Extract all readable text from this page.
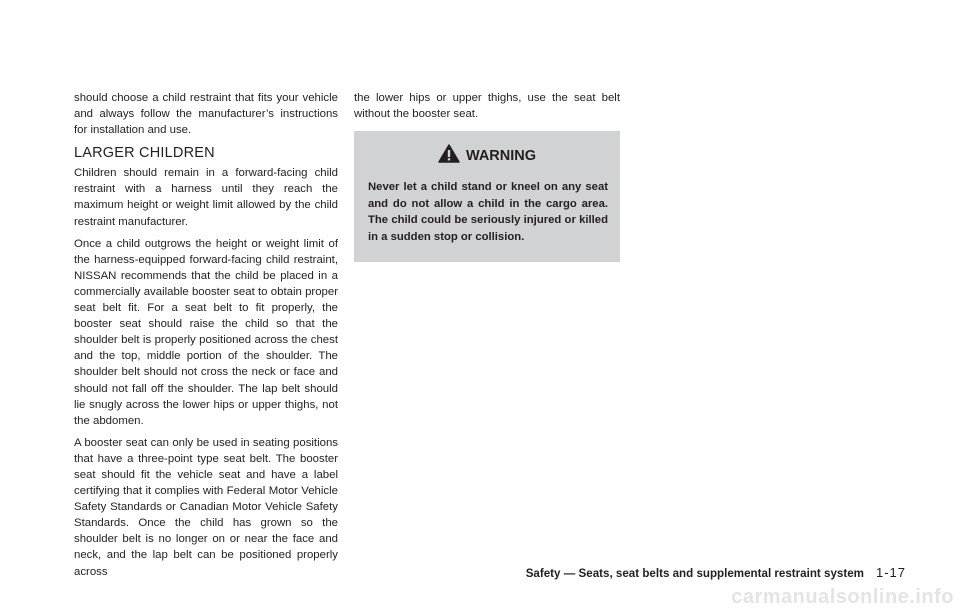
should choose a child restraint that fits your vehicle and always follow the manufacturer’s instructions for installation and use.

LARGER CHILDREN

Children should remain in a forward-facing child restraint with a harness until they reach the maximum height or weight limit allowed by the child restraint manufacturer.

Once a child outgrows the height or weight limit of the harness-equipped forward-facing child restraint, NISSAN recommends that the child be placed in a commercially available booster seat to obtain proper seat belt fit. For a seat belt to fit properly, the booster seat should raise the child so that the shoulder belt is properly positioned across the chest and the top, middle portion of the shoulder. The shoulder belt should not cross the neck or face and should not fall off the shoulder. The lap belt should lie snugly across the lower hips or upper thighs, not the abdomen.

A booster seat can only be used in seating positions that have a three-point type seat belt. The booster seat should fit the vehicle seat and have a label certifying that it complies with Federal Motor Vehicle Safety Standards or Canadian Motor Vehicle Safety Standards. Once the child has grown so the shoulder belt is no longer on or near the face and neck, and the lap belt can be positioned properly across

the lower hips or upper thighs, use the seat belt without the booster seat.

WARNING
Never let a child stand or kneel on any seat and do not allow a child in the cargo area. The child could be seriously injured or killed in a sudden stop or collision.
Safety — Seats, seat belts and supplemental restraint system 1-17
carmanualsonline.info
